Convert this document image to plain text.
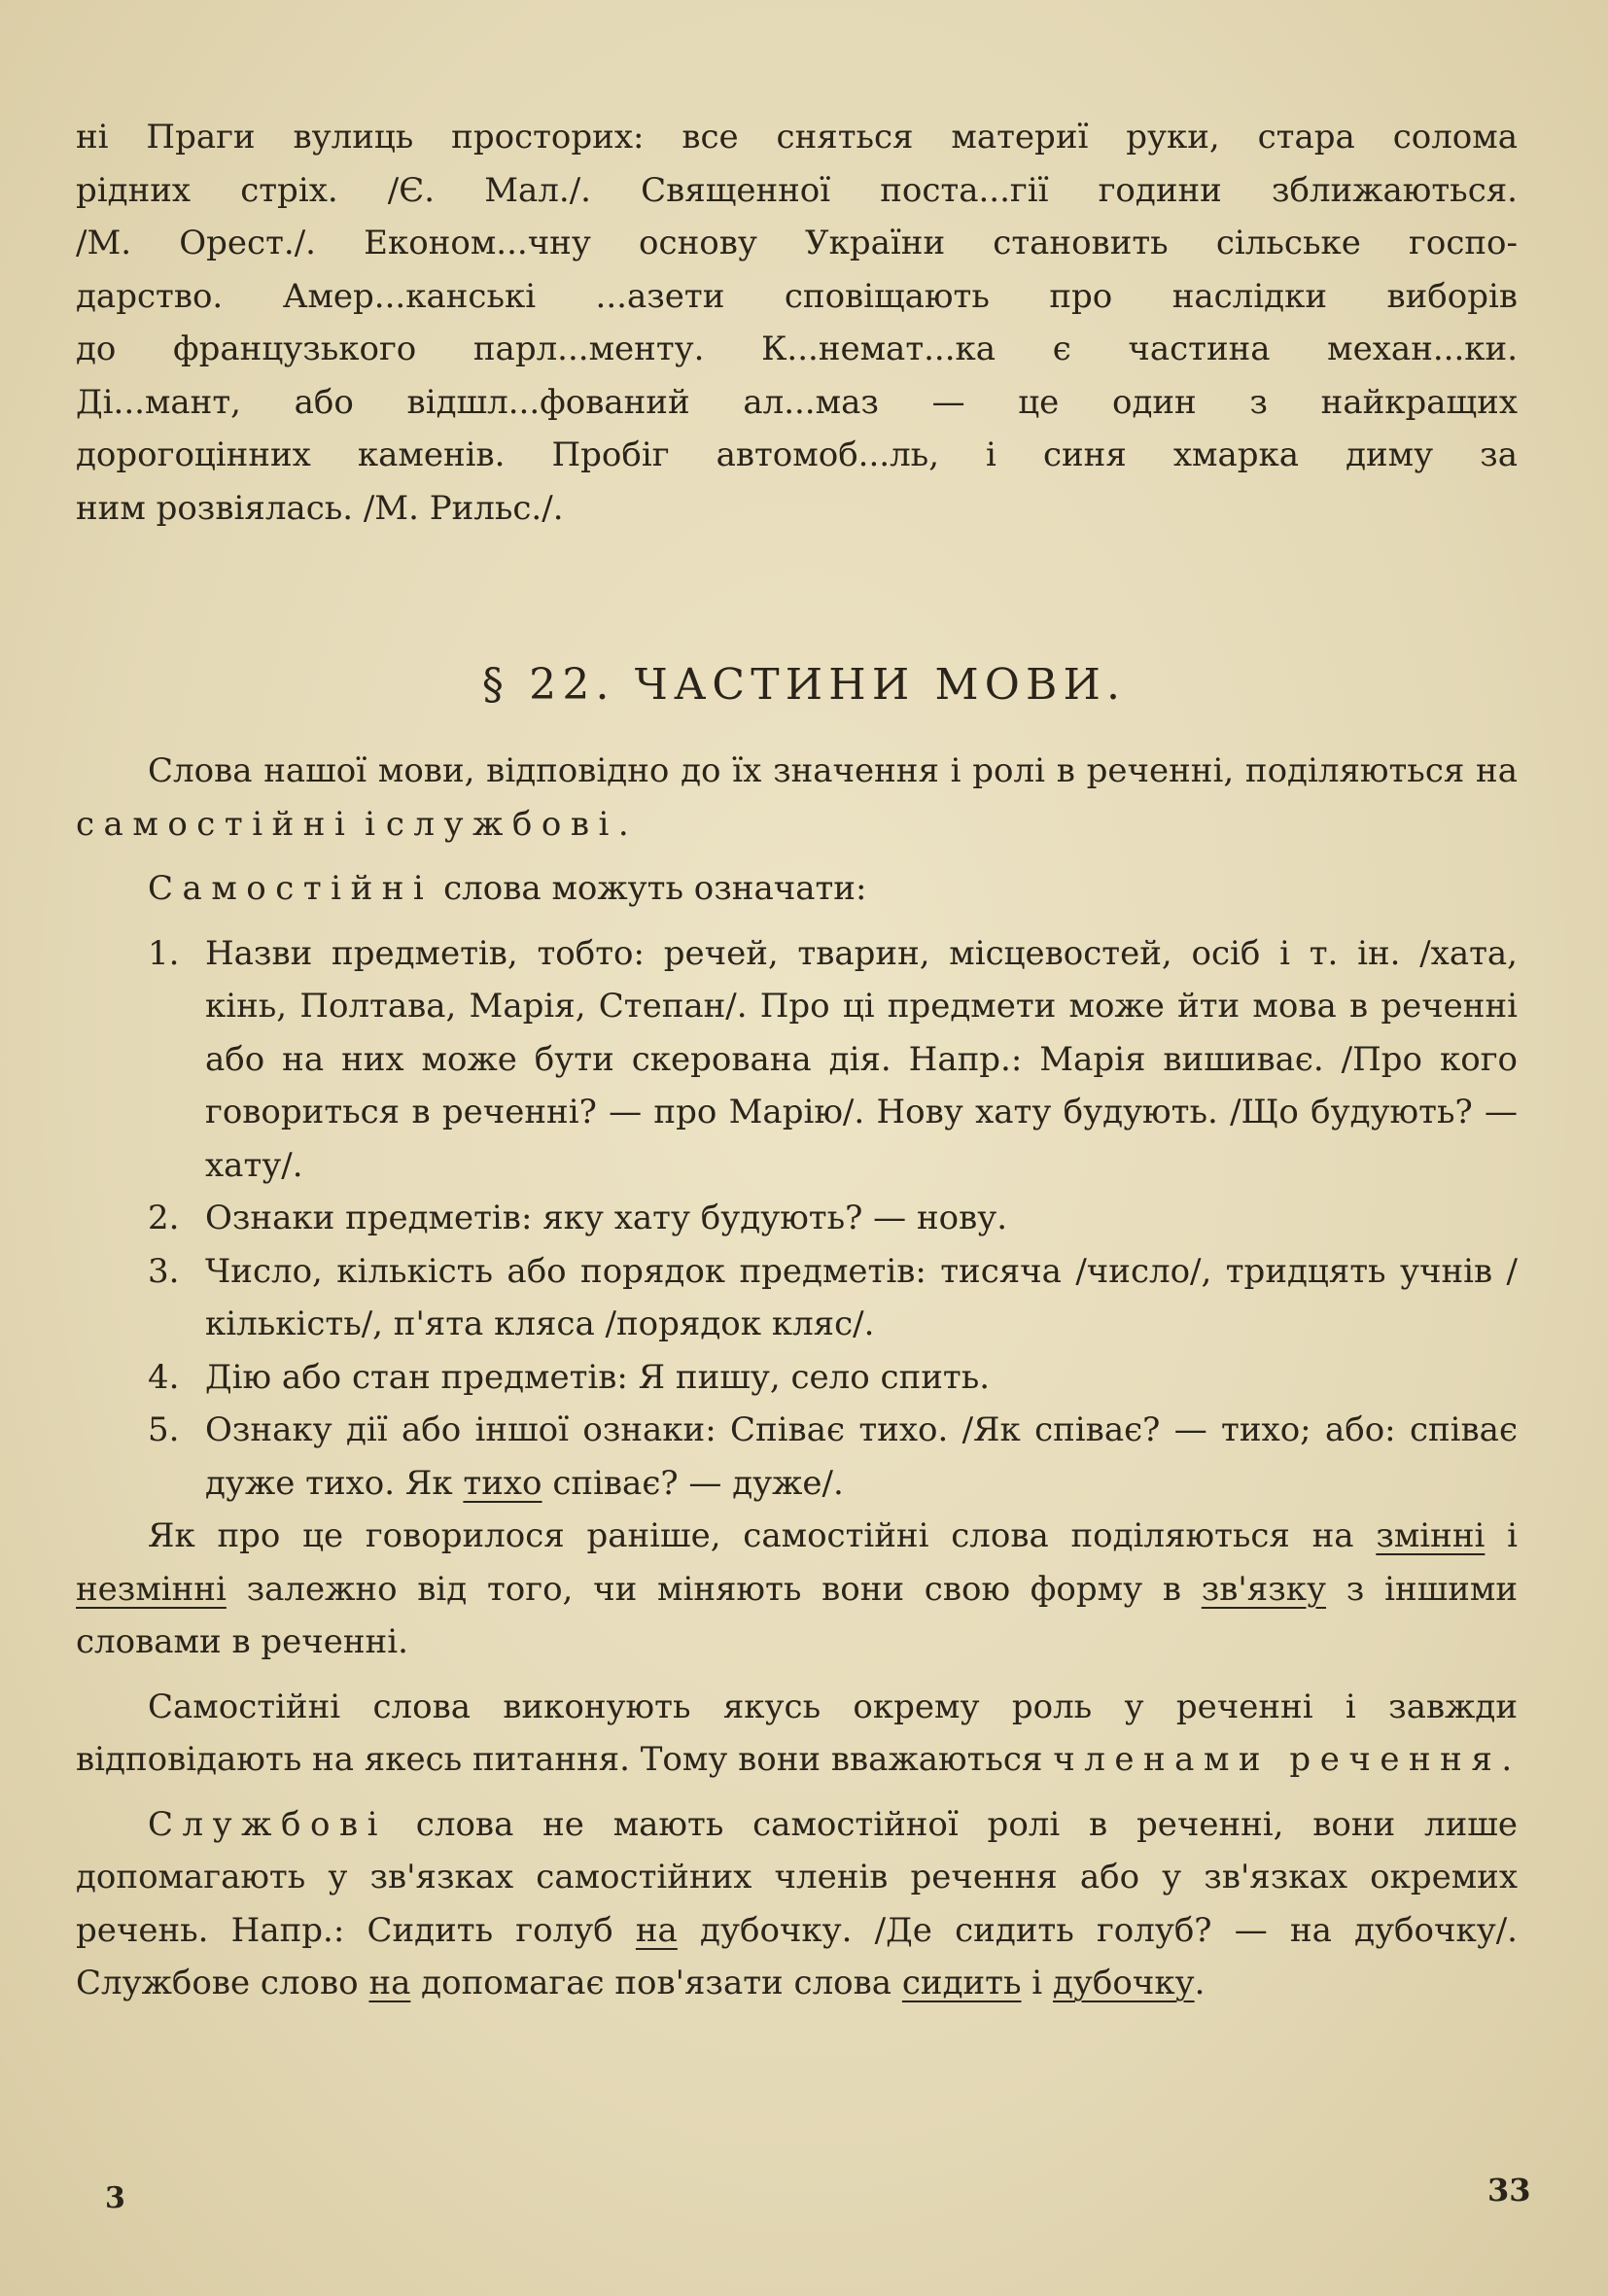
ні Праги вулиць просторих: все сняться материї руки, стара солома
рідних стріх. /Є. Мал./. Священної поста...гії години зближаються.
/М. Орест./. Економ...чну основу України становить сільське госпо-
дарство. Амер...канські ...азети сповіщають про наслідки виборів
до французького парл...менту. К...немат...ка є частина механ...ки.
Ді...мант, або відшл...фований ал...маз — це один з найкращих
дорогоцінних каменів. Пробіг автомоб...ль, і синя хмарка диму за
ним розвіялась. /М. Рильс./.
§ 22. ЧАСТИНИ МОВИ.

Слова нашої мови, відповідно до їх значення і ролі в реченні, поділяються на самостійні і службові.

Самостійні слова можуть означати:

1. Назви предметів, тобто: речей, тварин, місцевостей, осіб і т. ін. /хата, кінь, Полтава, Марія, Степан/. Про ці предмети може йти мова в реченні або на них може бути скерована дія. Напр.: Марія вишиває. /Про кого говориться в реченні? — про Марію/. Нову хату будують. /Що будують? — хату/.
2. Ознаки предметів: яку хату будують? — нову.
3. Число, кількість або порядок предметів: тисяча /число/, тридцять учнів /кількість/, п'ята кляса /порядок кляс/.
4. Дію або стан предметів: Я пишу, село спить.
5. Ознаку дії або іншої ознаки: Співає тихо. /Як співає? — тихо; або: співає дуже тихо. Як тихо співає? — дуже/.

Як про це говорилося раніше, самостійні слова поділяються на змінні і незмінні залежно від того, чи міняють вони свою форму в зв'язку з іншими словами в реченні.

Самостійні слова виконують якусь окрему роль у реченні і завжди відповідають на якесь питання. Тому вони вважаються членами речення.

Службові слова не мають самостійної ролі в реченні, вони лише допомагають у зв'язках самостійних членів речення або у зв'язках окремих речень. Напр.: Сидить голуб на дубочку. /Де сидить голуб? — на дубочку/. Службове слово на допомагає пов'язати слова сидить і дубочку.

3	33
